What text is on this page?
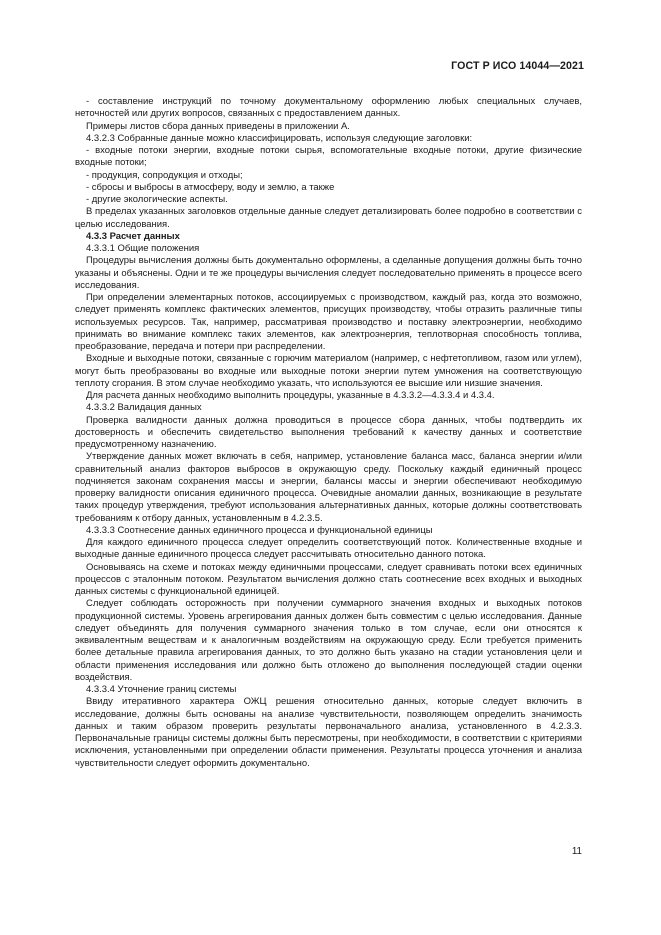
ГОСТ Р ИСО 14044—2021

- составление инструкций по точному документальному оформлению любых специальных случаев, неточностей или других вопросов, связанных с предоставлением данных.

Примеры листов сбора данных приведены в приложении А.

4.3.2.3 Собранные данные можно классифицировать, используя следующие заголовки:

- входные потоки энергии, входные потоки сырья, вспомогательные входные потоки, другие физические входные потоки;

- продукция, сопродукция и отходы;

- сбросы и выбросы в атмосферу, воду и землю, а также

- другие экологические аспекты.

В пределах указанных заголовков отдельные данные следует детализировать более подробно в соответствии с целью исследования.

4.3.3 Расчет данных

4.3.3.1 Общие положения

Процедуры вычисления должны быть документально оформлены, а сделанные допущения должны быть точно указаны и объяснены. Одни и те же процедуры вычисления следует последовательно применять в процессе всего исследования.

При определении элементарных потоков, ассоциируемых с производством, каждый раз, когда это возможно, следует применять комплекс фактических элементов, присущих производству, чтобы отразить различные типы используемых ресурсов. Так, например, рассматривая производство и поставку электроэнергии, необходимо принимать во внимание комплекс таких элементов, как электроэнергия, теплотворная способность топлива, преобразование, передача и потери при распределении.

Входные и выходные потоки, связанные с горючим материалом (например, с нефтетопливом, газом или углем), могут быть преобразованы во входные или выходные потоки энергии путем умножения на соответствующую теплоту сгорания. В этом случае необходимо указать, что используются ее высшие или низшие значения.

Для расчета данных необходимо выполнить процедуры, указанные в 4.3.3.2—4.3.3.4 и 4.3.4.

4.3.3.2 Валидация данных

Проверка валидности данных должна проводиться в процессе сбора данных, чтобы подтвердить их достоверность и обеспечить свидетельство выполнения требований к качеству данных и соответствие предусмотренному назначению.

Утверждение данных может включать в себя, например, установление баланса масс, баланса энергии и/или сравнительный анализ факторов выбросов в окружающую среду. Поскольку каждый единичный процесс подчиняется законам сохранения массы и энергии, балансы массы и энергии обеспечивают необходимую проверку валидности описания единичного процесса. Очевидные аномалии данных, возникающие в результате таких процедур утверждения, требуют использования альтернативных данных, которые должны соответствовать требованиям к отбору данных, установленным в 4.2.3.5.

4.3.3.3 Соотнесение данных единичного процесса и функциональной единицы

Для каждого единичного процесса следует определить соответствующий поток. Количественные входные и выходные данные единичного процесса следует рассчитывать относительно данного потока.

Основываясь на схеме и потоках между единичными процессами, следует сравнивать потоки всех единичных процессов с эталонным потоком. Результатом вычисления должно стать соотнесение всех входных и выходных данных системы с функциональной единицей.

Следует соблюдать осторожность при получении суммарного значения входных и выходных потоков продукционной системы. Уровень агрегирования данных должен быть совместим с целью исследования. Данные следует объединять для получения суммарного значения только в том случае, если они относятся к эквивалентным веществам и к аналогичным воздействиям на окружающую среду. Если требуется применить более детальные правила агрегирования данных, то это должно быть указано на стадии установления цели и области применения исследования или должно быть отложено до выполнения последующей стадии оценки воздействия.

4.3.3.4 Уточнение границ системы

Ввиду итеративного характера ОЖЦ решения относительно данных, которые следует включить в исследование, должны быть основаны на анализе чувствительности, позволяющем определить значимость данных и таким образом проверить результаты первоначального анализа, установленного в 4.2.3.3. Первоначальные границы системы должны быть пересмотрены, при необходимости, в соответствии с критериями исключения, установленными при определении области применения. Результаты процесса уточнения и анализа чувствительности следует оформить документально.

11
